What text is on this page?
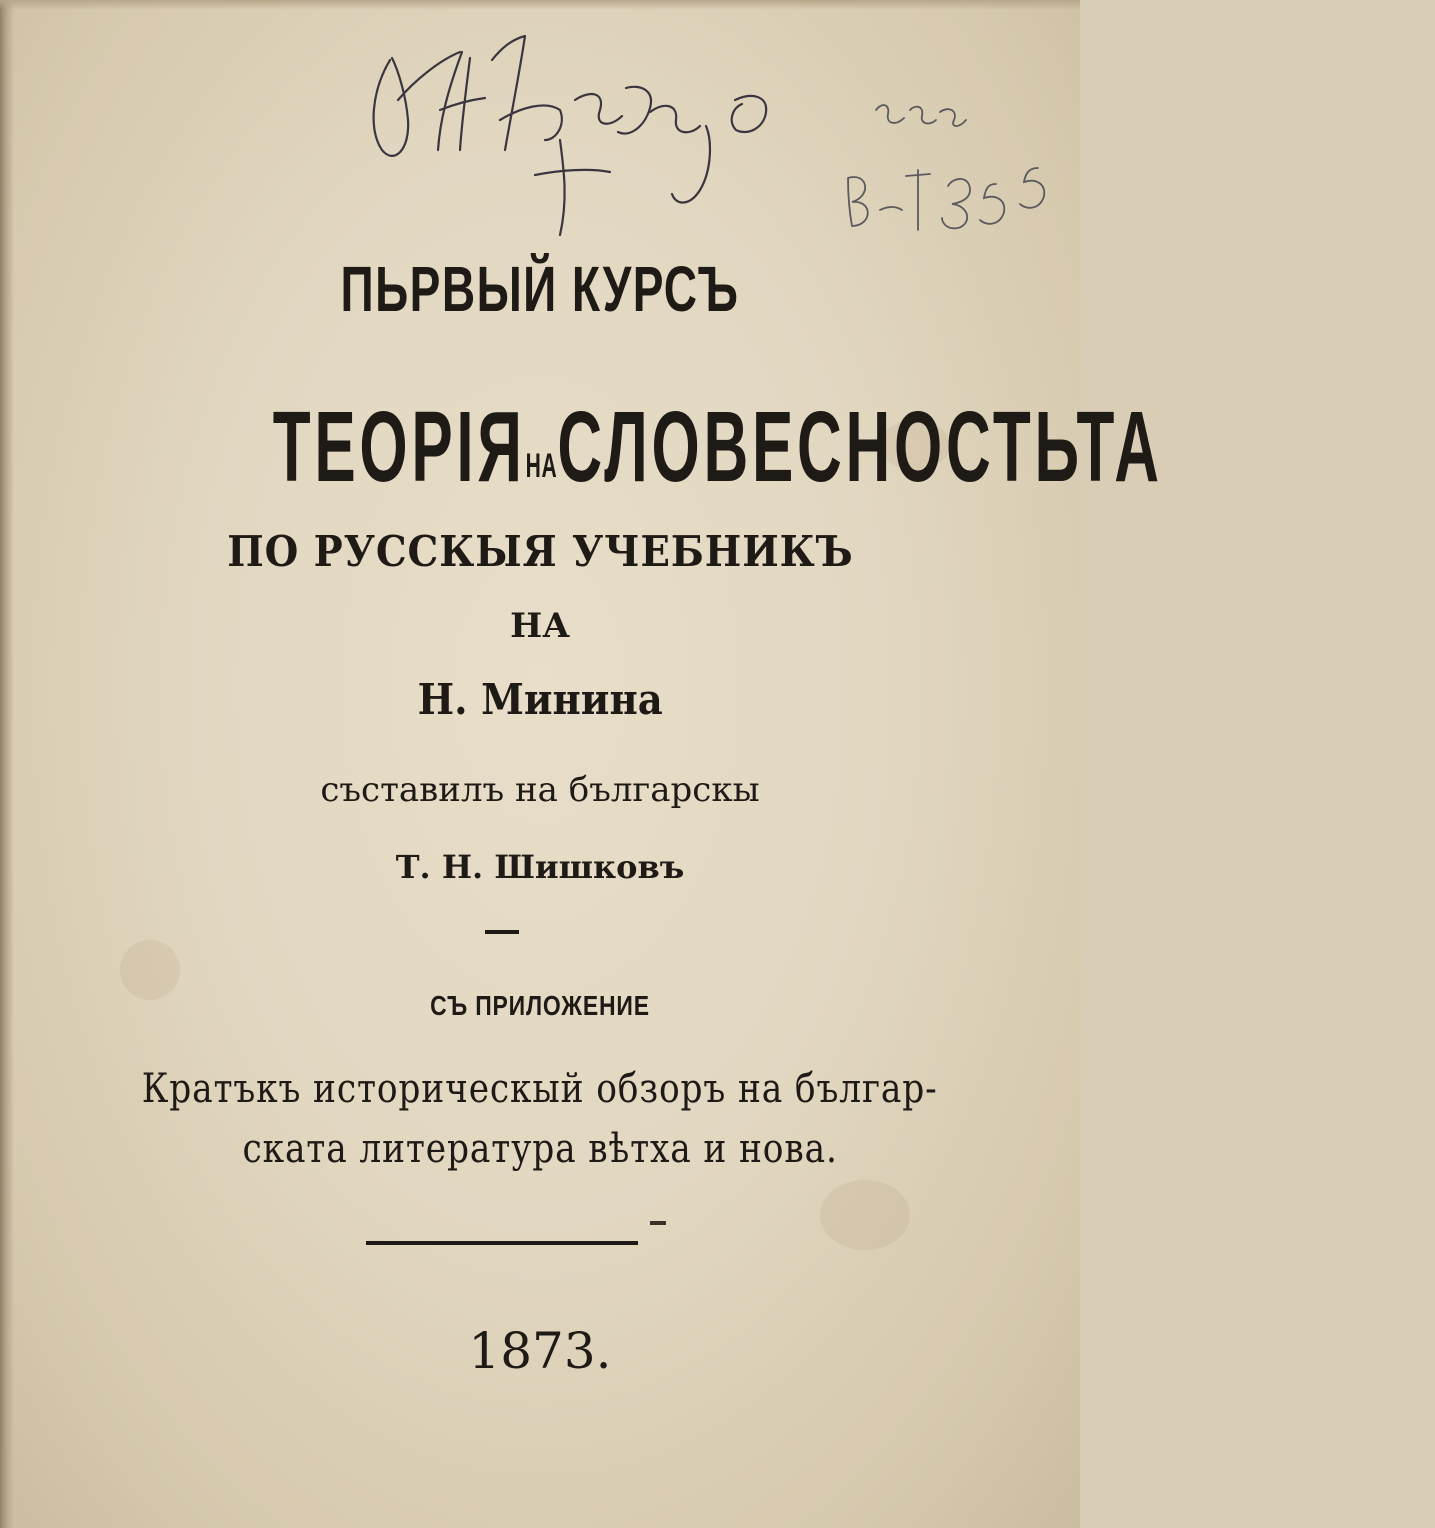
ПЬРВЫЙ КУРСЪ
ТЕОРІЯНАСЛОВЕСНОСТЬТА
ПО РУССКЫЯ УЧЕБНИКЪ
НА
Н. Минина
съставилъ на българскы
Т. Н. Шишковъ
СЪ ПРИЛОЖЕНИЕ
Кратъкъ историческый обзоръ на българ-
ската литература вѣтха и нова.
1873.
